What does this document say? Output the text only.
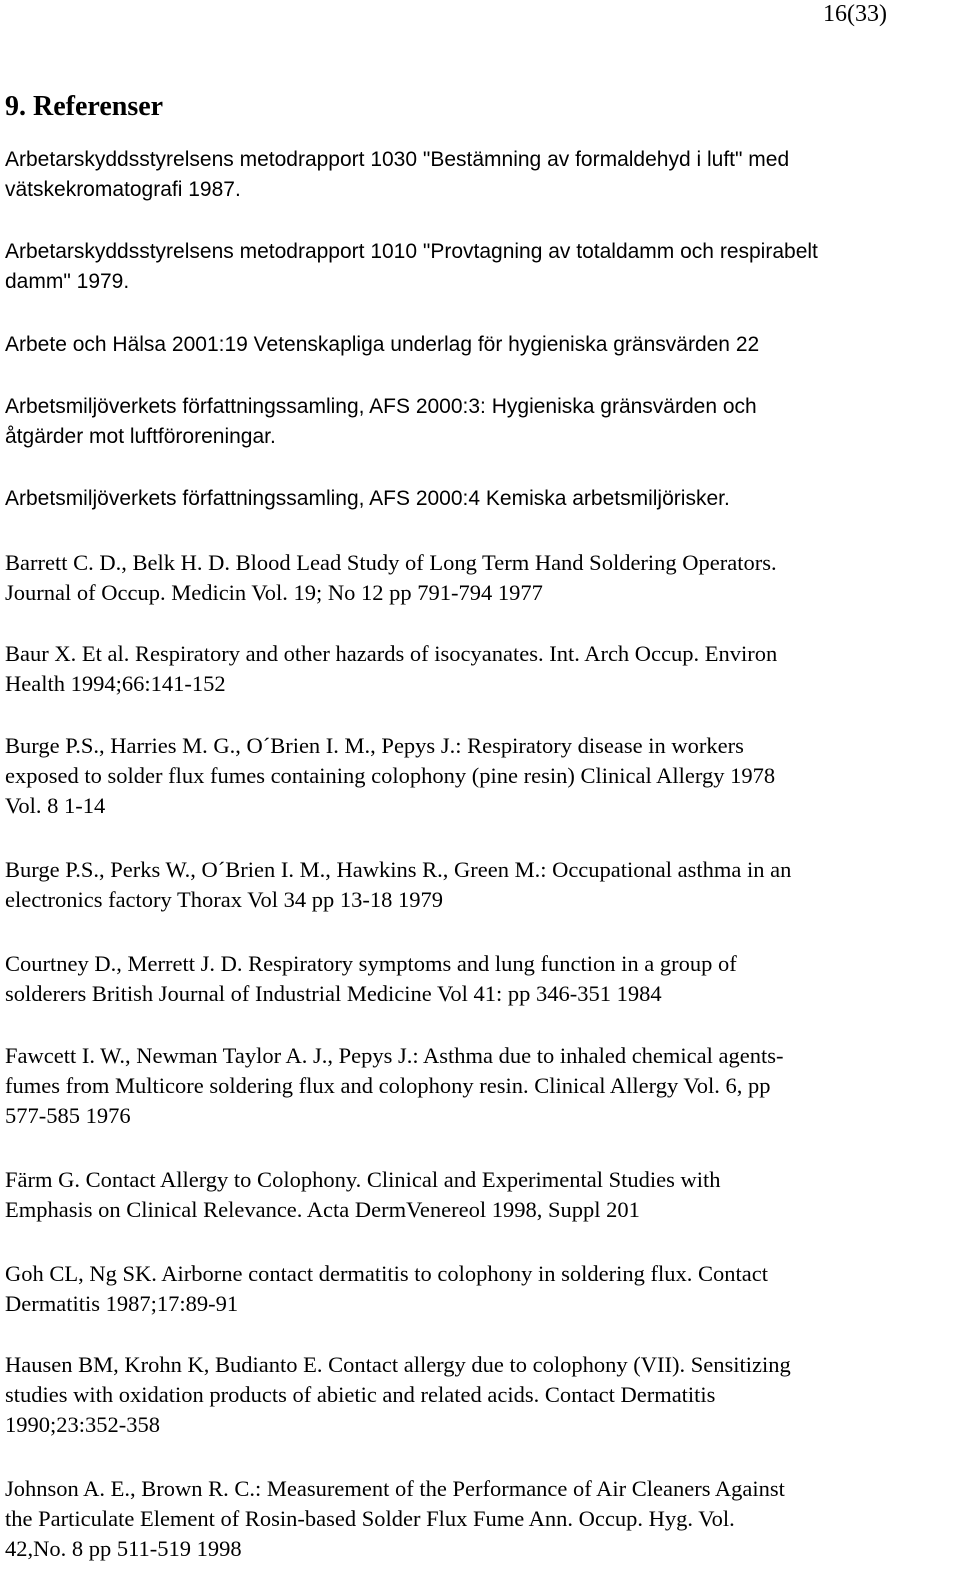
16(33)
9. Referenser

Arbetarskyddsstyrelsens metodrapport 1030 "Bestämning av formaldehyd i luft" med
vätskekromatografi 1987.

Arbetarskyddsstyrelsens metodrapport 1010 "Provtagning av totaldamm och respirabelt
damm" 1979.

Arbete och Hälsa 2001:19 Vetenskapliga underlag för hygieniska gränsvärden 22

Arbetsmiljöverkets författningssamling, AFS 2000:3: Hygieniska gränsvärden och
åtgärder mot luftföroreningar.

Arbetsmiljöverkets författningssamling, AFS 2000:4 Kemiska arbetsmiljörisker.

Barrett C. D., Belk H. D. Blood Lead Study of Long Term Hand Soldering Operators.
Journal of Occup. Medicin Vol. 19; No 12 pp 791-794 1977

Baur X. Et al. Respiratory and other hazards of isocyanates. Int. Arch Occup. Environ
Health 1994;66:141-152

Burge P.S., Harries M. G., O´Brien I. M., Pepys J.: Respiratory disease in workers
exposed to solder flux fumes containing colophony (pine resin) Clinical Allergy 1978
Vol. 8 1-14

Burge P.S., Perks W., O´Brien I. M., Hawkins R., Green M.: Occupational asthma in an
electronics factory Thorax Vol 34 pp 13-18 1979

Courtney D., Merrett J. D. Respiratory symptoms and lung function in a group of
solderers British Journal of Industrial Medicine Vol 41: pp 346-351 1984

Fawcett I. W., Newman Taylor A. J., Pepys J.: Asthma due to inhaled chemical agents-
fumes from Multicore soldering flux and colophony resin. Clinical Allergy Vol. 6, pp
577-585 1976

Färm G. Contact Allergy to Colophony. Clinical and Experimental Studies with
Emphasis on Clinical Relevance. Acta DermVenereol 1998, Suppl 201

Goh CL, Ng SK. Airborne contact dermatitis to colophony in soldering flux. Contact
Dermatitis 1987;17:89-91

Hausen BM, Krohn K, Budianto E. Contact allergy due to colophony (VII). Sensitizing
studies with oxidation products of abietic and related acids. Contact Dermatitis
1990;23:352-358

Johnson A. E., Brown R. C.: Measurement of the Performance of Air Cleaners Against
the Particulate Element of Rosin-based Solder Flux Fume Ann. Occup. Hyg. Vol.
42,No. 8 pp 511-519 1998
